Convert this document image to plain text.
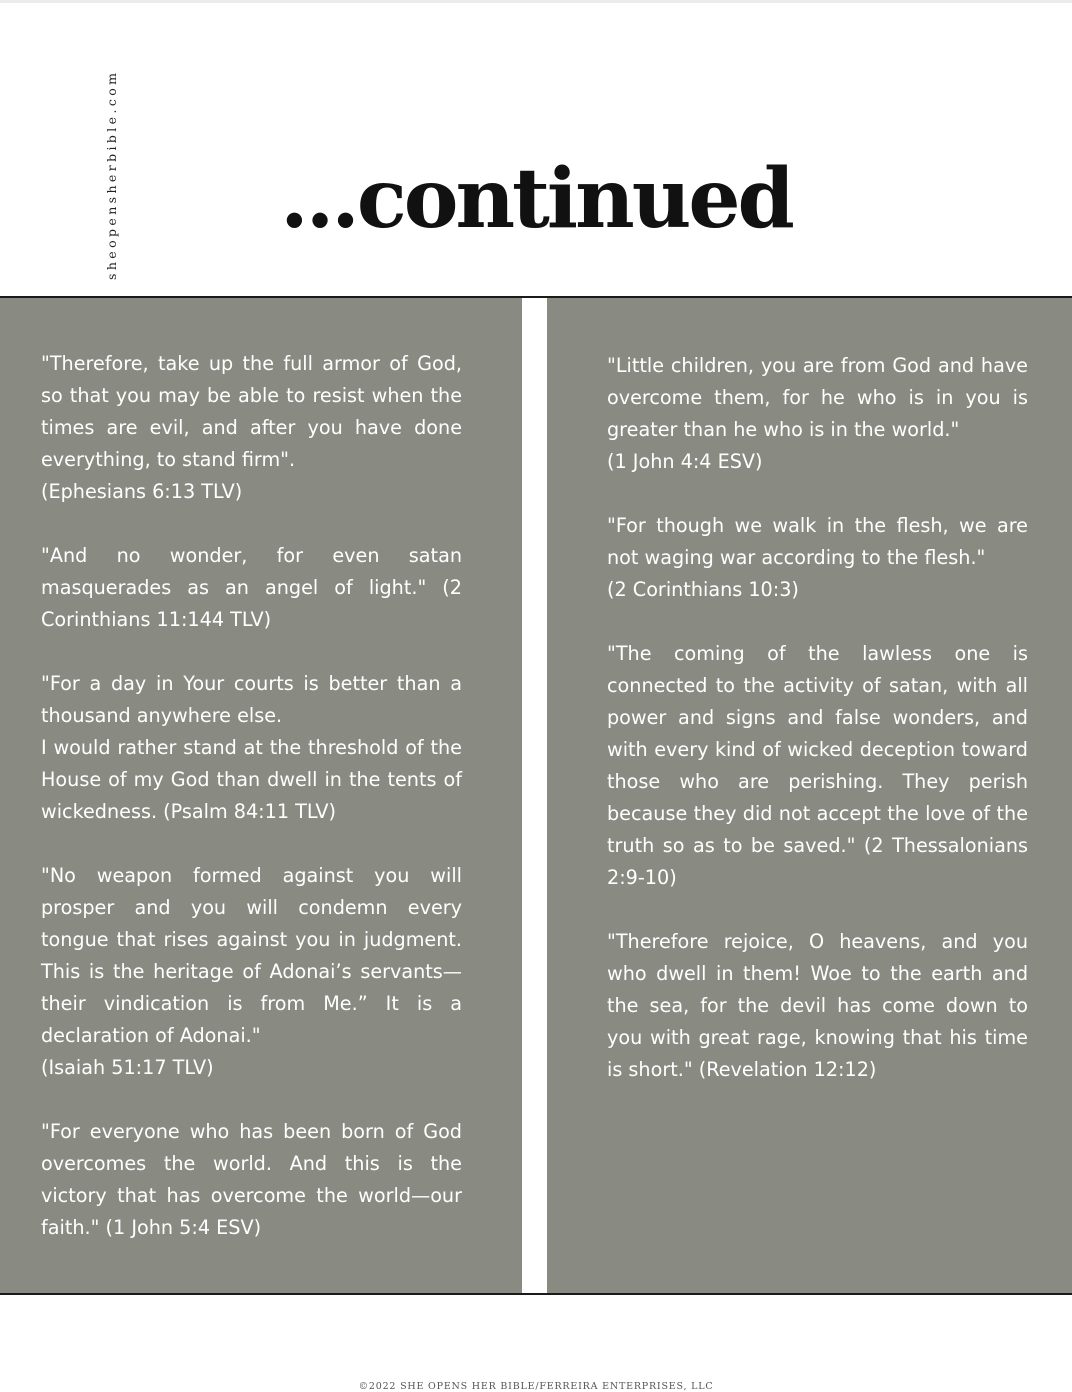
sheopensherbible.com	...continued

"Therefore, take up the full armor of God, so that you may be able to resist when the times are evil, and after you have done everything, to stand firm".
(Ephesians 6:13 TLV)

"And no wonder, for even satan masquerades as an angel of light." (2 Corinthians 11:144 TLV)

"For a day in Your courts is better than a thousand anywhere else.
I would rather stand at the threshold of the House of my God than dwell in the tents of wickedness. (Psalm 84:11 TLV)

"No weapon formed against you will prosper and you will condemn every tongue that rises against you in judgment. This is the heritage of Adonai’s servants—their vindication is from Me.” It is a declaration of Adonai."
(Isaiah 51:17 TLV)

"For everyone who has been born of God overcomes the world. And this is the victory that has overcome the world—our faith." (1 John 5:4 ESV)

"Little children, you are from God and have overcome them, for he who is in you is greater than he who is in the world."
(1 John 4:4 ESV)

"For though we walk in the flesh, we are not waging war according to the flesh."
(2 Corinthians 10:3)

"The coming of the lawless one is connected to the activity of satan, with all power and signs and false wonders, and with every kind of wicked deception toward those who are perishing. They perish because they did not accept the love of the truth so as to be saved." (2 Thessalonians 2:9-10)

"Therefore rejoice, O heavens, and you who dwell in them! Woe to the earth and the sea, for the devil has come down to you with great rage, knowing that his time is short." (Revelation 12:12)

©2022 SHE OPENS HER BIBLE/FERREIRA ENTERPRISES, LLC
